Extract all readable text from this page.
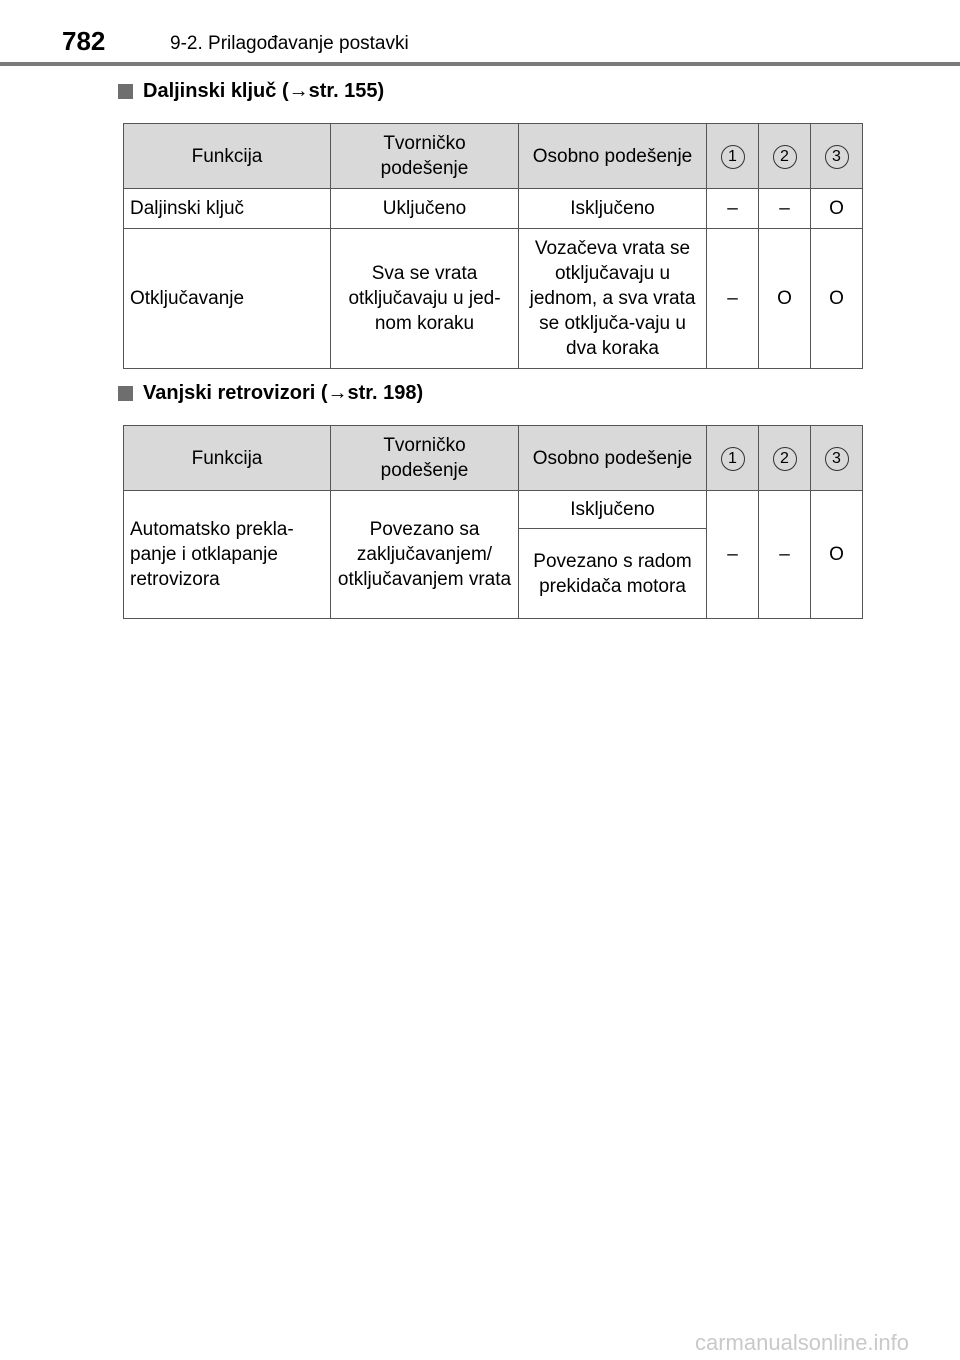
782	9-2. Prilagođavanje postavki
Daljinski ključ ( → str. 155)
Funkcija	Tvorničko podešenje	Osobno podešenje	1	2	3
Daljinski ključ	Uključeno	Isključeno	–	–	O
Otključavanje	Sva se vrata otključavaju u jed-nom koraku	Vozačeva vrata se otključavaju u jednom, a sva vrata se otključa-vaju u dva koraka	–	O	O
Vanjski retrovizori ( → str. 198)
Funkcija	Tvorničko podešenje	Osobno podešenje	1	2	3
Automatsko prekla-panje i otklapanje retrovizora	Povezano sa zaključavanjem/ otključavanjem vrata	Isključeno	–	–	O
		Povezano s radom prekidača motora			
carmanualsonline.info
